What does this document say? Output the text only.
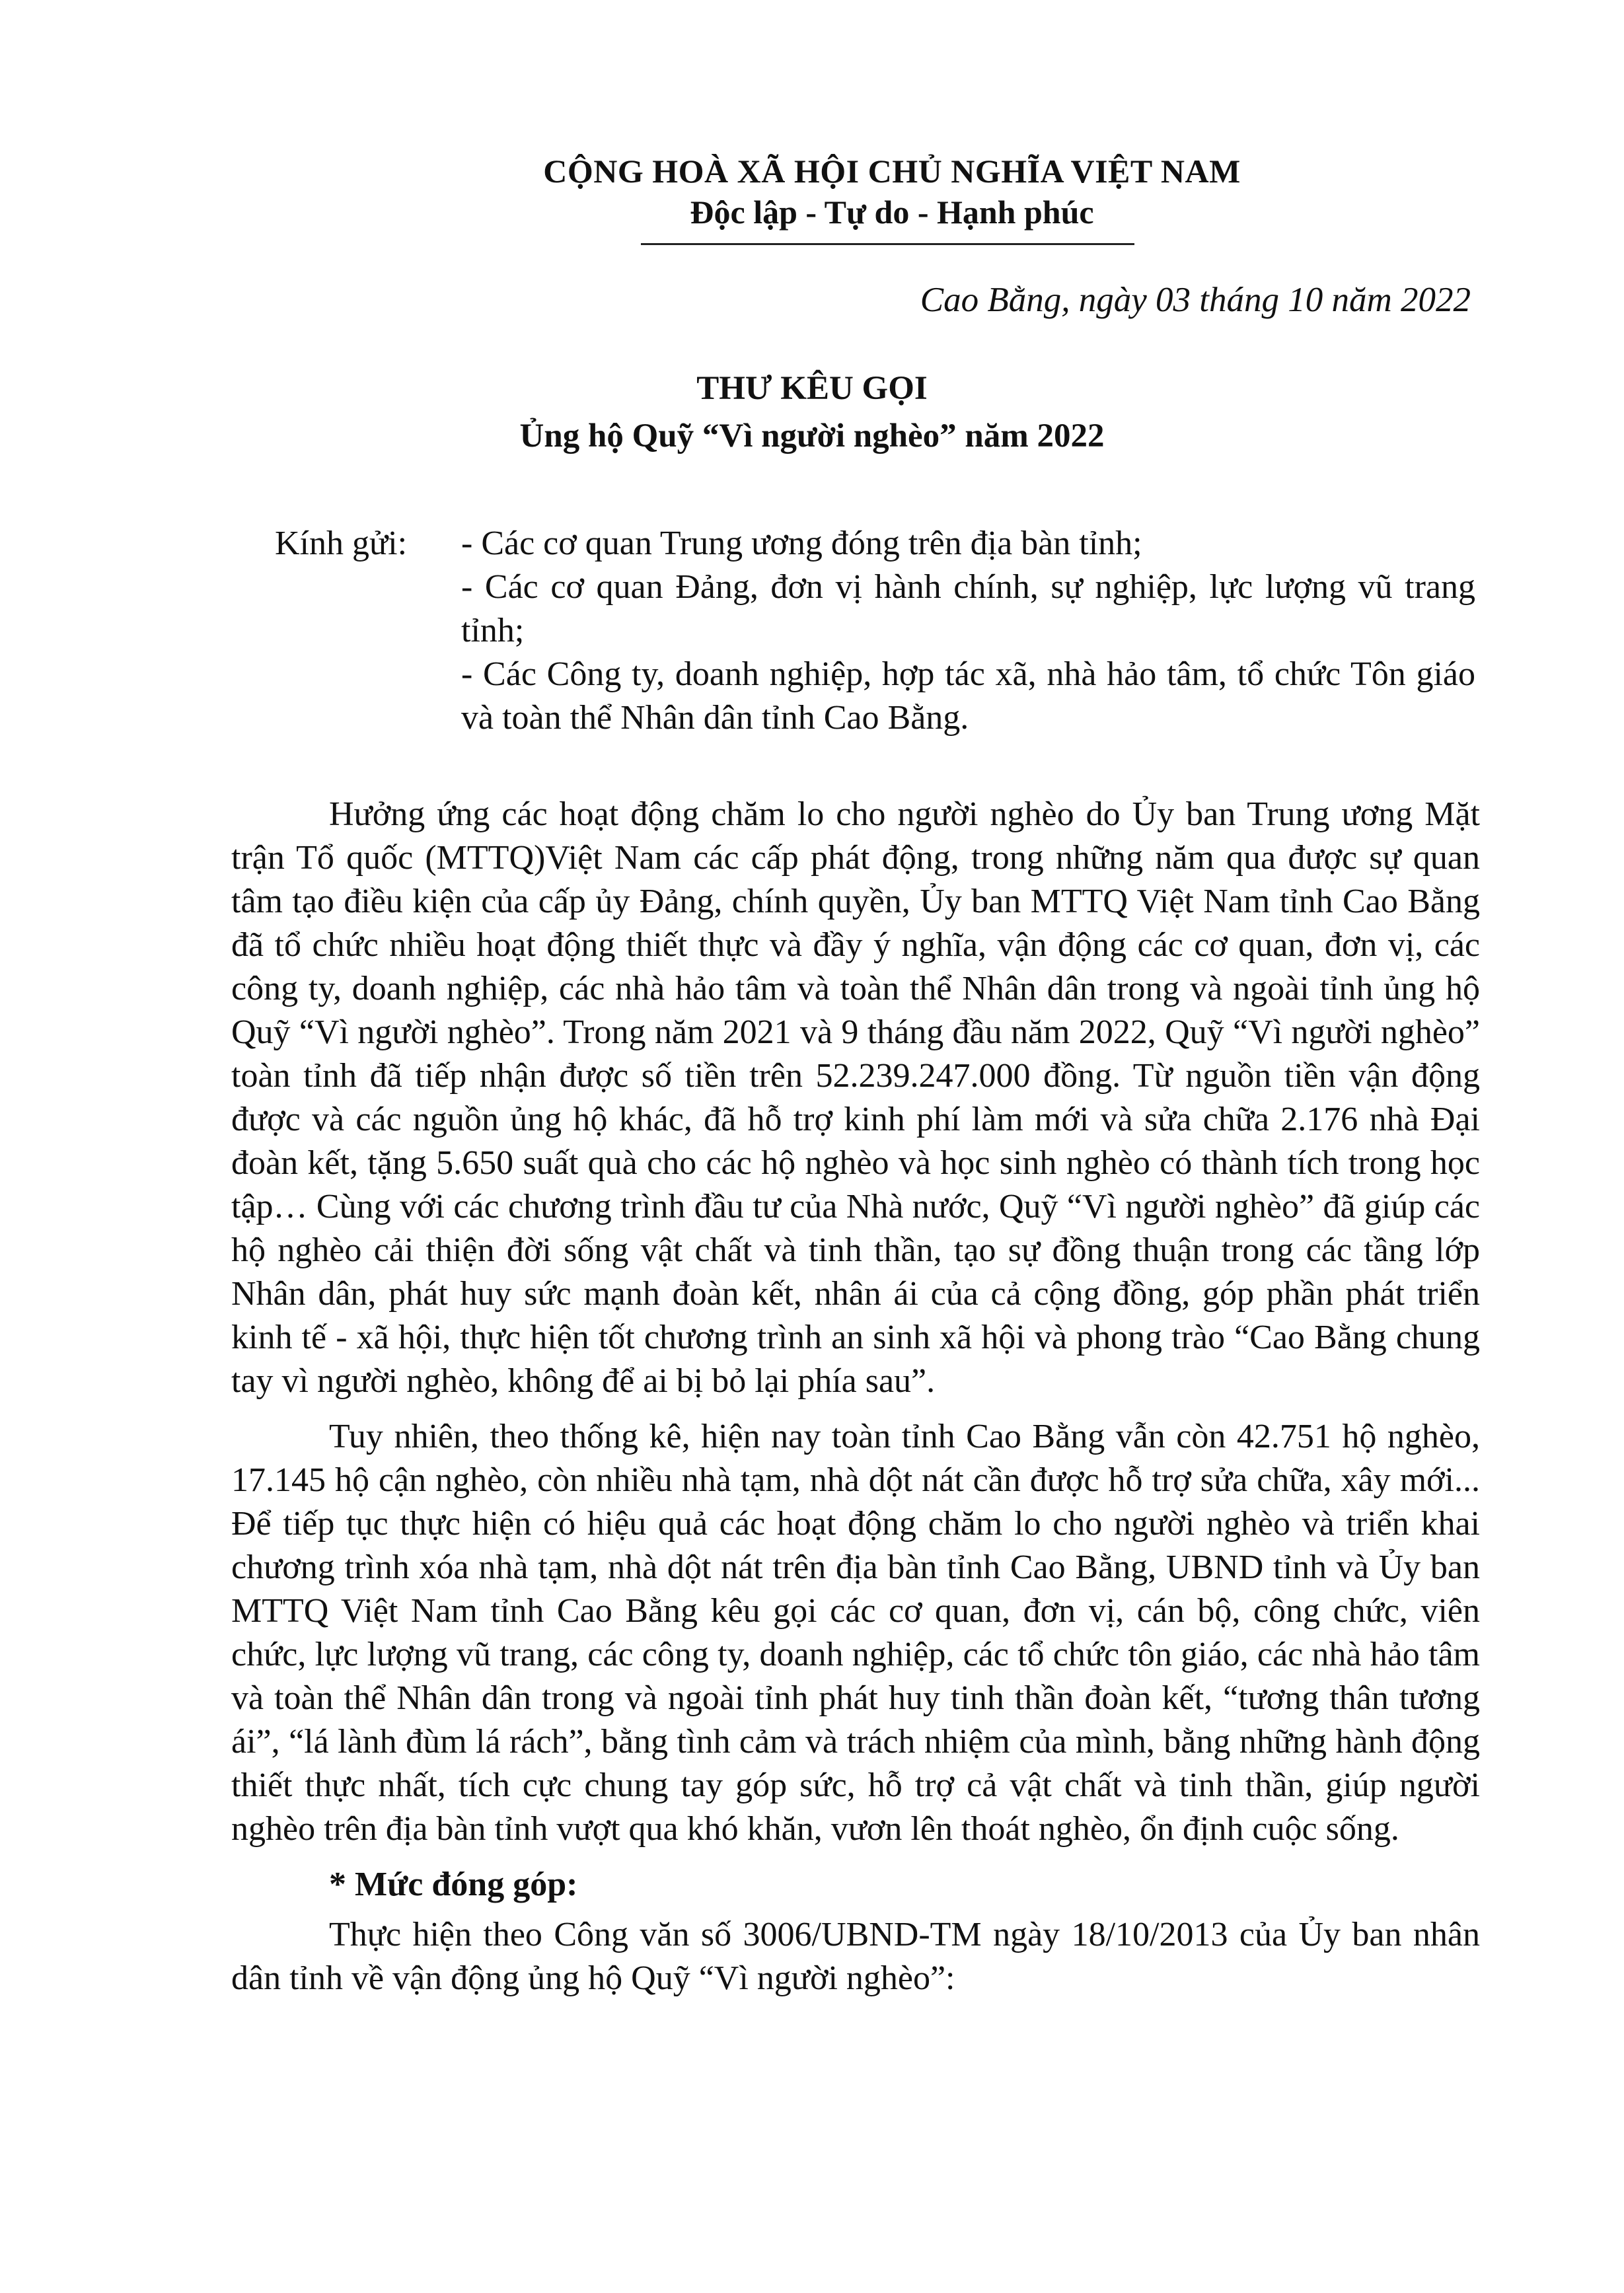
CỘNG HOÀ XÃ HỘI CHỦ NGHĨA VIỆT NAM
Độc lập - Tự do - Hạnh phúc
Cao Bằng, ngày 03 tháng 10 năm 2022
THƯ KÊU GỌI
Ủng hộ Quỹ “Vì người nghèo” năm 2022
Kính gửi: - Các cơ quan Trung ương đóng trên địa bàn tỉnh;
- Các cơ quan Đảng, đơn vị hành chính, sự nghiệp, lực lượng vũ trang tỉnh;
- Các Công ty, doanh nghiệp, hợp tác xã, nhà hảo tâm, tổ chức Tôn giáo và toàn thể Nhân dân tỉnh Cao Bằng.

Hưởng ứng các hoạt động chăm lo cho người nghèo do Ủy ban Trung ương Mặt trận Tổ quốc (MTTQ)Việt Nam các cấp phát động, trong những năm qua được sự quan tâm tạo điều kiện của cấp ủy Đảng, chính quyền, Ủy ban MTTQ Việt Nam tỉnh Cao Bằng đã tổ chức nhiều hoạt động thiết thực và đầy ý nghĩa, vận động các cơ quan, đơn vị, các công ty, doanh nghiệp, các nhà hảo tâm và toàn thể Nhân dân trong và ngoài tỉnh ủng hộ Quỹ “Vì người nghèo”. Trong năm 2021 và 9 tháng đầu năm 2022, Quỹ “Vì người nghèo” toàn tỉnh đã tiếp nhận được số tiền trên 52.239.247.000 đồng. Từ nguồn tiền vận động được và các nguồn ủng hộ khác, đã hỗ trợ kinh phí làm mới và sửa chữa 2.176 nhà Đại đoàn kết, tặng 5.650 suất quà cho các hộ nghèo và học sinh nghèo có thành tích trong học tập… Cùng với các chương trình đầu tư của Nhà nước, Quỹ “Vì người nghèo” đã giúp các hộ nghèo cải thiện đời sống vật chất và tinh thần, tạo sự đồng thuận trong các tầng lớp Nhân dân, phát huy sức mạnh đoàn kết, nhân ái của cả cộng đồng, góp phần phát triển kinh tế - xã hội, thực hiện tốt chương trình an sinh xã hội và phong trào “Cao Bằng chung tay vì người nghèo, không để ai bị bỏ lại phía sau”.

Tuy nhiên, theo thống kê, hiện nay toàn tỉnh Cao Bằng vẫn còn 42.751 hộ nghèo, 17.145 hộ cận nghèo, còn nhiều nhà tạm, nhà dột nát cần được hỗ trợ sửa chữa, xây mới... Để tiếp tục thực hiện có hiệu quả các hoạt động chăm lo cho người nghèo và triển khai chương trình xóa nhà tạm, nhà dột nát trên địa bàn tỉnh Cao Bằng, UBND tỉnh và Ủy ban MTTQ Việt Nam tỉnh Cao Bằng kêu gọi các cơ quan, đơn vị, cán bộ, công chức, viên chức, lực lượng vũ trang, các công ty, doanh nghiệp, các tổ chức tôn giáo, các nhà hảo tâm và toàn thể Nhân dân trong và ngoài tỉnh phát huy tinh thần đoàn kết, “tương thân tương ái”, “lá lành đùm lá rách”, bằng tình cảm và trách nhiệm của mình, bằng những hành động thiết thực nhất, tích cực chung tay góp sức, hỗ trợ cả vật chất và tinh thần, giúp người nghèo trên địa bàn tỉnh vượt qua khó khăn, vươn lên thoát nghèo, ổn định cuộc sống.

* Mức đóng góp:

Thực hiện theo Công văn số 3006/UBND-TM ngày 18/10/2013 của Ủy ban nhân dân tỉnh về vận động ủng hộ Quỹ “Vì người nghèo”:
